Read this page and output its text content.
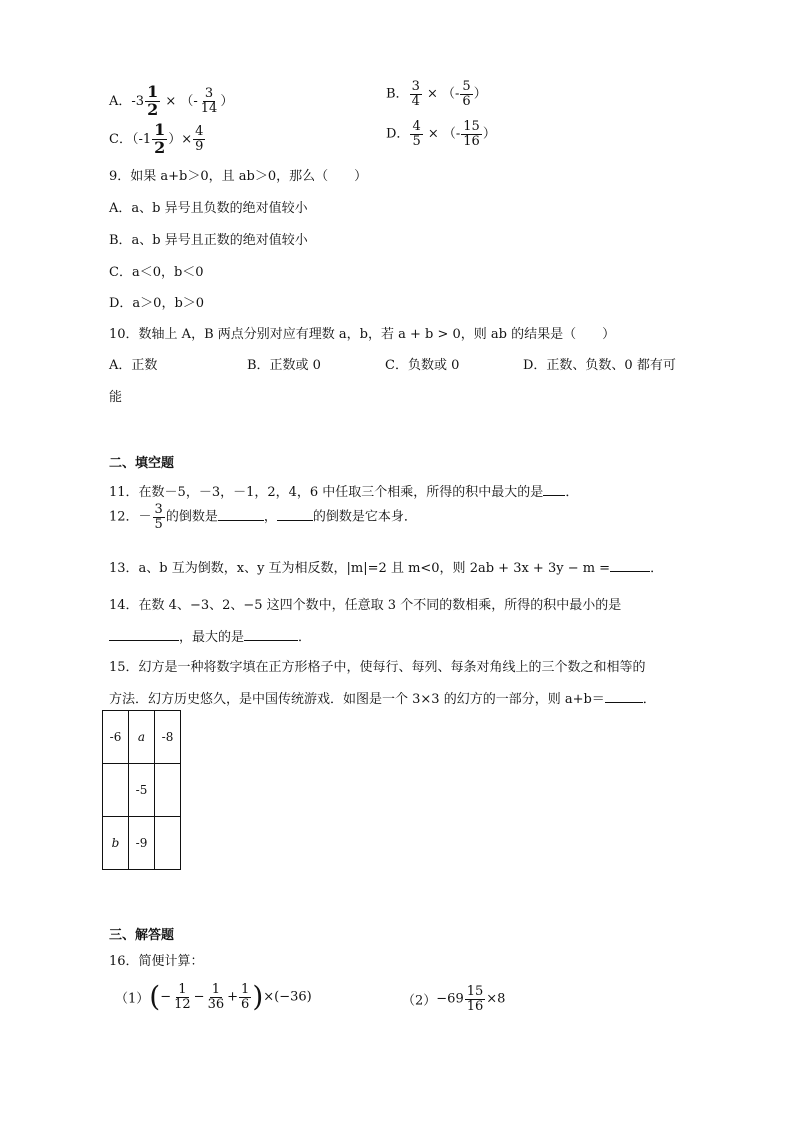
A．$-3 \frac{1}{2}$ × （- $\frac{3}{14}$ ）	B． $\frac{3}{4}$ × （- $\frac{5}{6}$ ）
C．（$-1 \frac{1}{2}$ ）× $\frac{4}{9}$	D． $\frac{4}{5}$ × （- $\frac{15}{16}$ ）
9．如果 a+b＞0，且 ab＞0，那么（　　）
A．a、b 异号且负数的绝对值较小
B．a、b 异号且正数的绝对值较小
C．a＜0，b＜0
D．a＞0，b＞0
10．数轴上 A，B 两点分别对应有理数 a，b，若 a + b > 0，则 ab 的结果是（　　）
A．正数	B．正数或 0	C．负数或 0	D．正数、负数、0 都有可
能
二、填空题
11．在数－5，－3，－1，2，4，6 中任取三个相乘，所得的积中最大的是 ．
12．－ $\frac{3}{5}$ 的倒数是	，	的倒数是它本身．
13．a、b 互为倒数，x、y 互为相反数，|m|=2 且 m<0，则 2ab + 3x + 3y − m =	．
14．在数 4、−3、2、−5 这四个数中，任意取 3 个不同的数相乘，所得的积中最小的是
，最大的是	．
15．幻方是一种将数字填在正方形格子中，使每行、每列、每条对角线上的三个数之和相等的
方法．幻方历史悠久，是中国传统游戏．如图是一个 3×3 的幻方的一部分，则 a+b＝	．
-6	a	-8
	-5	
b	-9	
三、解答题
16．简便计算：
$(1)(- \frac{1}{12} - \frac{1}{36} + \frac{1}{6} )\times(-36)$	$(2)-69 \frac{15}{16} \times 8$
